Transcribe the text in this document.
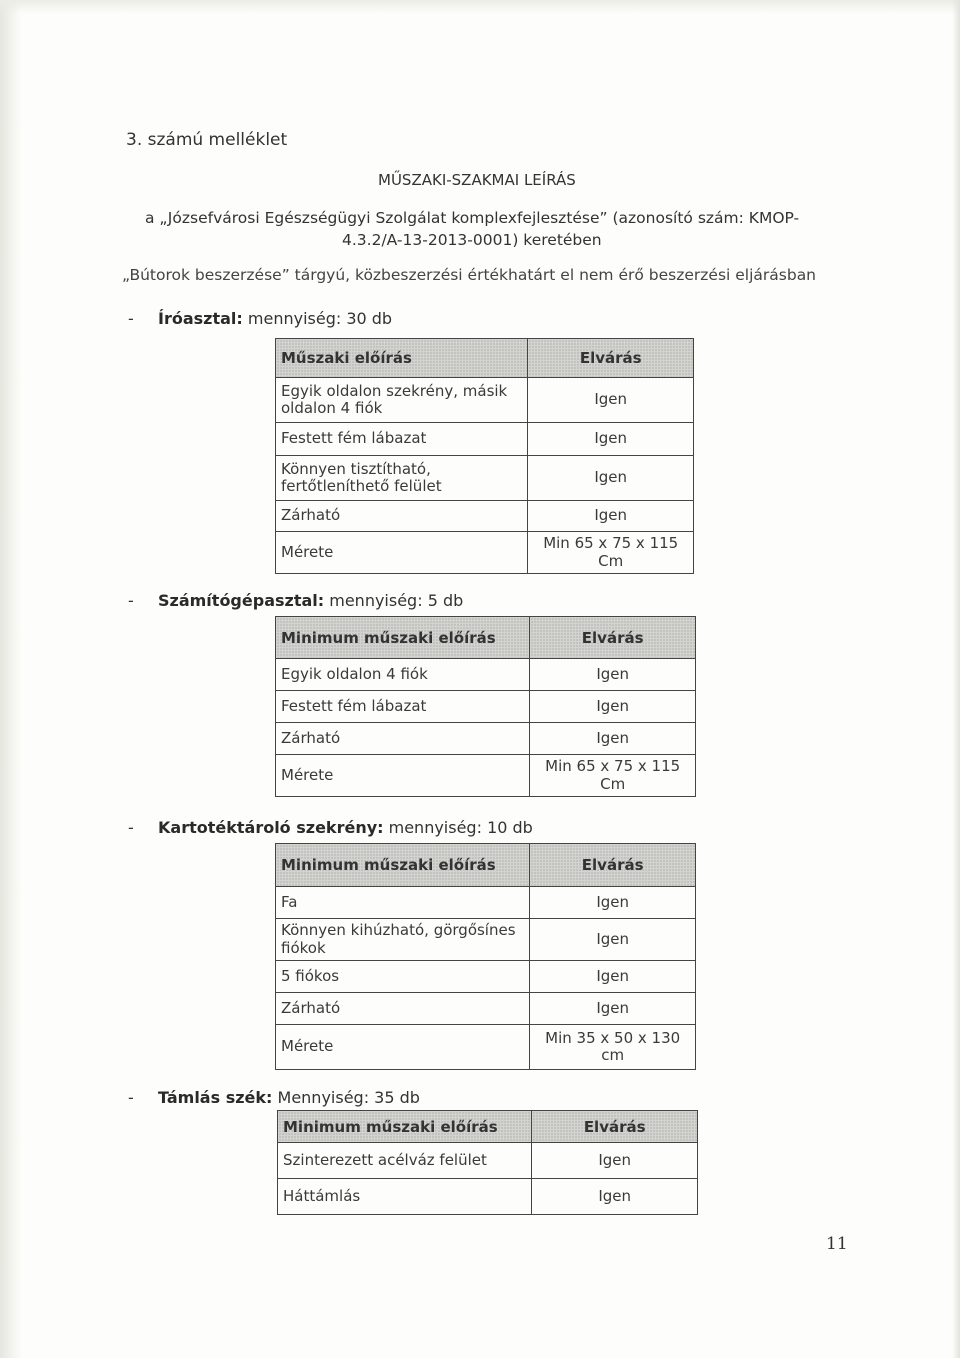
3. számú melléklet
MŰSZAKI-SZAKMAI LEÍRÁS
a „Józsefvárosi Egészségügyi Szolgálat komplexfejlesztése” (azonosító szám: KMOP-
4.3.2/A-13-2013-0001) keretében
„Bútorok beszerzése” tárgyú, közbeszerzési értékhatárt el nem érő beszerzési eljárásban
- Íróasztal: mennyiség: 30 db
Műszaki előírás	Elvárás
Egyik oldalon szekrény, másik oldalon 4 fiók	Igen
Festett fém lábazat	Igen
Könnyen tisztítható, fertőtleníthető felület	Igen
Zárható	Igen
Mérete	Min 65 x 75 x 115 Cm
- Számítógépasztal: mennyiség: 5 db
Minimum műszaki előírás	Elvárás
Egyik oldalon 4 fiók	Igen
Festett fém lábazat	Igen
Zárható	Igen
Mérete	Min 65 x 75 x 115 Cm
- Kartotéktároló szekrény: mennyiség: 10 db
Minimum műszaki előírás	Elvárás
Fa	Igen
Könnyen kihúzható, görgősínes fiókok	Igen
5 fiókos	Igen
Zárható	Igen
Mérete	Min 35 x 50 x 130 cm
- Támlás szék: Mennyiség: 35 db
Minimum műszaki előírás	Elvárás
Szinterezett acélváz felület	Igen
Háttámlás	Igen
11
